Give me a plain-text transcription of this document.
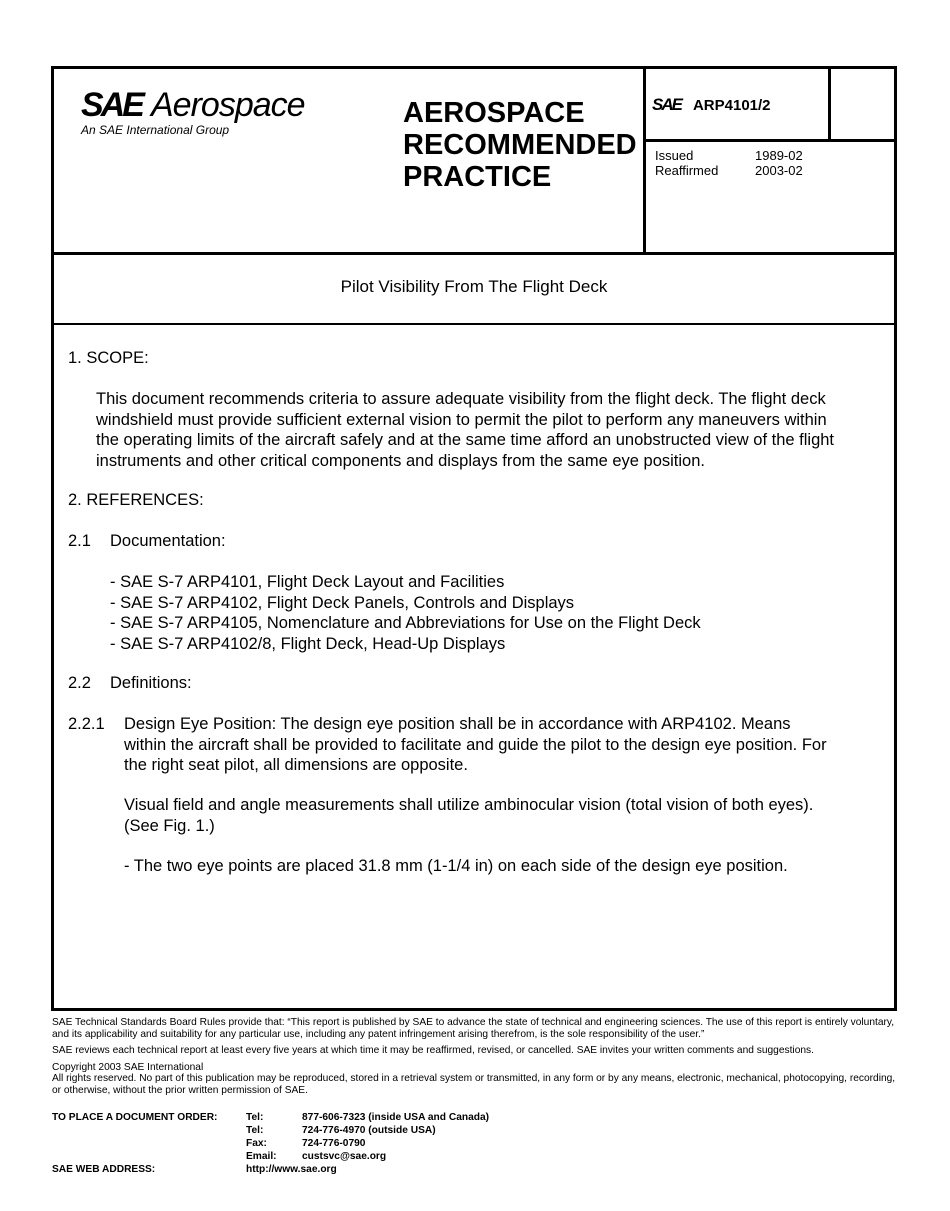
SAE Aerospace
An SAE International Group
AEROSPACE
RECOMMENDED
PRACTICE
SAE ARP4101/2
Issued	1989-02
Reaffirmed	2003-02
Pilot Visibility From The Flight Deck
1. SCOPE:
This document recommends criteria to assure adequate visibility from the flight deck. The flight deck
windshield must provide sufficient external vision to permit the pilot to perform any maneuvers within
the operating limits of the aircraft safely and at the same time afford an unobstructed view of the flight
instruments and other critical components and displays from the same eye position.
2. REFERENCES:
2.1 Documentation:
- SAE S-7 ARP4101, Flight Deck Layout and Facilities
- SAE S-7 ARP4102, Flight Deck Panels, Controls and Displays
- SAE S-7 ARP4105, Nomenclature and Abbreviations for Use on the Flight Deck
- SAE S-7 ARP4102/8, Flight Deck, Head-Up Displays
2.2 Definitions:
2.2.1 Design Eye Position: The design eye position shall be in accordance with ARP4102. Means
within the aircraft shall be provided to facilitate and guide the pilot to the design eye position. For
the right seat pilot, all dimensions are opposite.
Visual field and angle measurements shall utilize ambinocular vision (total vision of both eyes).
(See Fig. 1.)
- The two eye points are placed 31.8 mm (1-1/4 in) on each side of the design eye position.

SAE Technical Standards Board Rules provide that: “This report is published by SAE to advance the state of technical and engineering sciences. The use of this report is entirely voluntary, and its applicability and suitability for any particular use, including any patent infringement arising therefrom, is the sole responsibility of the user.”

SAE reviews each technical report at least every five years at which time it may be reaffirmed, revised, or cancelled. SAE invites your written comments and suggestions.

Copyright 2003 SAE International
All rights reserved. No part of this publication may be reproduced, stored in a retrieval system or transmitted, in any form or by any means, electronic, mechanical, photocopying, recording, or otherwise, without the prior written permission of SAE.
TO PLACE A DOCUMENT ORDER:	Tel:	877-606-7323 (inside USA and Canada)
Tel:	724-776-4970 (outside USA)
Fax:	724-776-0790
Email: custsvc@sae.org
SAE WEB ADDRESS:	http://www.sae.org
